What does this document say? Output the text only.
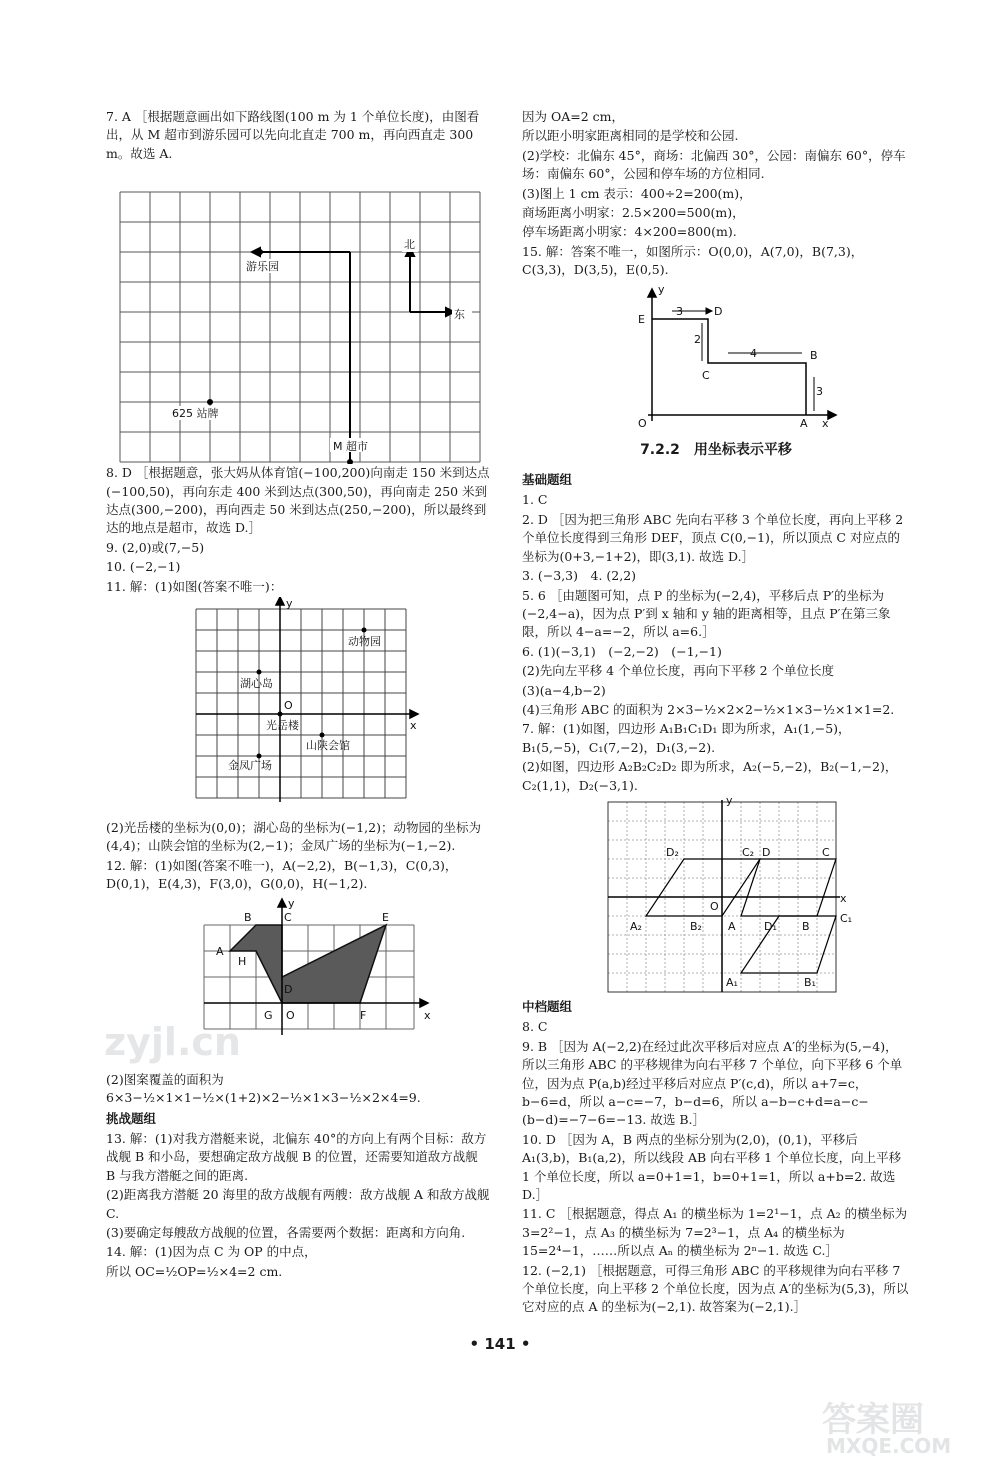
7. A ［根据题意画出如下路线图(100 m 为 1 个单位长度)，由图看出，从 M 超市到游乐园可以先向北直走 700 m，再向西直走 300 m。故选 A.
游乐园
北
东
625 站牌
M 超市
8. D ［根据题意，张大妈从体育馆(−100,200)向南走 150 米到达点(−100,50)，再向东走 400 米到达点(300,50)，再向南走 250 米到达点(300,−200)，再向西走 50 米到达点(250,−200)，所以最终到达的地点是超市，故选 D.］
9. (2,0)或(7,−5)
10. (−2,−1)
11. 解：(1)如图(答案不唯一)：
y
x
O
动物园
湖心岛
光岳楼
山陕会馆
金凤广场
(2)光岳楼的坐标为(0,0)；湖心岛的坐标为(−1,2)；动物园的坐标为(4,4)；山陕会馆的坐标为(2,−1)；金凤广场的坐标为(−1,−2).
12. 解：(1)如图(答案不唯一)，A(−2,2)，B(−1,3)，C(0,3)，D(0,1)，E(4,3)，F(3,0)，G(0,0)，H(−1,2).
A
B	C
D
E
F
G
H
O	x
y
(2)图案覆盖的面积为 6×3−½×1×1−½×(1+2)×2−½×1×3−½×2×4=9.
挑战题组
13. 解：(1)对我方潜艇来说，北偏东 40°的方向上有两个目标：敌方战舰 B 和小岛，要想确定敌方战舰 B 的位置，还需要知道敌方战舰 B 与我方潜艇之间的距离.
(2)距离我方潜艇 20 海里的敌方战舰有两艘：敌方战舰 A 和敌方战舰 C.
(3)要确定每艘敌方战舰的位置，各需要两个数据：距离和方向角.
14. 解：(1)因为点 C 为 OP 的中点，
所以 OC=½OP=½×4=2 cm.
因为 OA=2 cm，
所以距小明家距离相同的是学校和公园.
(2)学校：北偏东 45°，商场：北偏西 30°，公园：南偏东 60°，停车场：南偏东 60°，公园和停车场的方位相同.
(3)图上 1 cm 表示：400÷2=200(m)，
商场距离小明家：2.5×200=500(m)，
停车场距离小明家：4×200=800(m).
15. 解：答案不唯一，如图所示：O(0,0)，A(7,0)，B(7,3)，C(3,3)，D(3,5)，E(0,5).
E
D
B
C
O	A x
y
3
2
4
3
7.2.2　用坐标表示平移
基础题组
1. C
2. D ［因为把三角形 ABC 先向右平移 3 个单位长度，再向上平移 2 个单位长度得到三角形 DEF，顶点 C(0,−1)，所以顶点 C 对应点的坐标为(0+3,−1+2)，即(3,1). 故选 D.］
3. (−3,3)　4. (2,2)
5. 6 ［由题图可知，点 P 的坐标为(−2,4)，平移后点 P′的坐标为(−2,4−a)，因为点 P′到 x 轴和 y 轴的距离相等，且点 P′在第三象限，所以 4−a=−2，所以 a=6.］
6. (1)(−3,1)　(−2,−2)　(−1,−1)
(2)先向左平移 4 个单位长度，再向下平移 2 个单位长度
(3)(a−4,b−2)
(4)三角形 ABC 的面积为 2×3−½×2×2−½×1×3−½×1×1=2.
7. 解：(1)如图，四边形 A₁B₁C₁D₁ 即为所求，A₁(1,−5)，B₁(5,−5)，C₁(7,−2)，D₁(3,−2).
(2)如图，四边形 A₂B₂C₂D₂ 即为所求，A₂(−5,−2)，B₂(−1,−2)，C₂(1,1)，D₂(−3,1).
y
x
O
D₂	C₂ D	C
A₂	B₂ A	B
C₁
A₁	B₁
D₁
中档题组
8. C
9. B ［因为 A(−2,2)在经过此次平移后对应点 A′的坐标为(5,−4)，所以三角形 ABC 的平移规律为向右平移 7 个单位，向下平移 6 个单位，因为点 P(a,b)经过平移后对应点 P′(c,d)，所以 a+7=c，b−6=d，所以 a−c=−7，b−d=6，所以 a−b−c+d=a−c−(b−d)=−7−6=−13. 故选 B.］
10. D ［因为 A，B 两点的坐标分别为(2,0)，(0,1)，平移后 A₁(3,b)，B₁(a,2)，所以线段 AB 向右平移 1 个单位长度，向上平移 1 个单位长度，所以 a=0+1=1，b=0+1=1，所以 a+b=2. 故选 D.］
11. C ［根据题意，得点 A₁ 的横坐标为 1=2¹−1，点 A₂ 的横坐标为 3=2²−1，点 A₃ 的横坐标为 7=2³−1，点 A₄ 的横坐标为 15=2⁴−1，……所以点 Aₙ 的横坐标为 2ⁿ−1. 故选 C.］
12. (−2,1) ［根据题意，可得三角形 ABC 的平移规律为向右平移 7 个单位长度，向上平移 2 个单位长度，因为点 A′的坐标为(5,3)，所以它对应的点 A 的坐标为(−2,1). 故答案为(−2,1).］
• 141 •
zyjl.cn
答案圈
MXQE.COM
